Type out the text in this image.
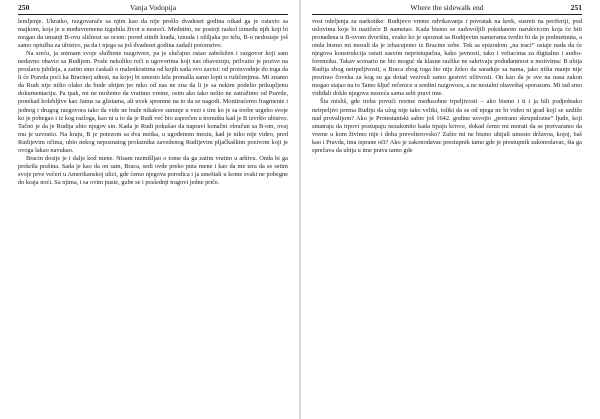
250	Vanja Vodopija

lemljenje. Ukratko, razgovarače sa njim kao da nije prošlo dvadeset godina otkad ga je ostavio sa majkom, koja je u međuvremenu izgubila život u nesreći. Međutim, ne postoji raskol između njih koji bi mogao da umanji B-ovu sličnost sa ocem: pored sitnih krađa, iznuda i ožiljaka po telu, B-u nedostaje još samo optužba za ubistvo, pa da i njega sa još dvadeset godina zadaži potomstvo.

Na sreću, ja snimam svoje službene razgovore, pa je slučajno ostao zabeležen i razgovor koji sam nedavno obavio sa Rudijem. Posle nekoliko reči u ugovorima koji nas obavezuju, prilvatio je pozive na proslavu jubileja, a zatim smo ćaskali o malenkostima od kojih sada ovo zavisi: od proizvodnje do toga da li će Pravda poći ka Bracinoj adresi, na kojoj bi umesto lela pronašla samo lopti u rušičenjima. Mi znamo da Rudi nije ništo olako da bude ubijen jer niko od nas ne zna da li je sa nekim podelio prikupljenu dokumentaciju. Pa ipak, mi ne možemo da vratimo vreme, osim ako tako nešto ne zatražimo od Pravde, ponekad kolebljive kao Janus sa glistama, ali uvek spremne na to da se nagodi. Montiraćemo fragmente i jednog i drugog razgovora tako da vide ne bude nikakve sumnje u vezi s tim ko je sa toobe urgeho svoje ko je pobegao i iz kog razloga, kao ni u to da je Rudi već bio zaprečen u trenutku kad je B izvršio ubistvo. Tačno je da je Rudija ubio njegov sin. Kada je Rudi pokušao da napravi konačni obračun sa B-om, ovaj mu je uzvratio. Na kraju, B je potezom sa dva metka, u ugođenom mestu, kad je niko nije video, pred Rudijevim očima, ubio nekog nepoznatog prolaznika zavedenog Rudijevim pljačkaškim pozivom koji je ovoga lakao navukao.

Bracin dosije je i dalje kod mene. Nisam razmišljao o tome da ga zatim vratim u arhivu. Onda bi ga prekrila prašina. Sada je kao da on sam, Braca, sedi ovde preko puta mene i kao da me tera da se setim svoje prve večeri u Amerikanskoj ulici, gde ćemo njegova porodica i ja smeštali u kome svaki ne pobegne do kraja noći. Sa njima, i sa ovim puste, gube se i poslednji tragovi jedne priče.

Where the sidewalk end	251

vost odeljenja za narkotike: Rudijevo vreme odvikavanja i povratak na krek, susreti na periferiji, pod uslovima koje bi nazičeće B nametao. Kada bismo se zadovoljili pokidanom narukvicom koja će biti pronađena u B-ovom dvorištu, svako ko je upoznat sa Rudijevim namerama tvrdio bi da je podmetnuta, a onda bismo mi morali da je izbacujemo iz Bracine sobe. Tek sa epizodom „na traci” ostaje nada da će njegova konstrukcija ostati sasvim nepristupačna, kako javnosti, tako i veltacima za digitalnu i audio-forenziku. Takav scenario ne bio moguć da klasne razlike ne sakrivaju poduđantnost u motivima: B ubija Rudija zbog netrpeljivosti, a Braca zbog toga što nije želeo da saraduje sa nama, jako ništa manje nije prezirao čoveka za kog su ga dotad vezivali samo gestovi učtivosti. On kao da je sve na nasa zakon mogao stajao na to Tamo ključ rečenice u sredini razgovora, a ne nestalni obaveštaj sporazum. Mi tad smo vidiđali dokle njegova nesreća sama sebi pravi ime.

Šta misliš, gde treba povući norme međusobne trpeljivosti – ako bismo i ti i ja bili podjednako netrpeljivi prema Rudiju da ulog nije tako veliki, toliki da se od njega ne bi video ni grad koji se uzdiže nad provalijom? Ako je Protestantski saber još 1642. godine usvojio „pretrano skrupulozne” ljude, koji smatraju da trpovi postupaju nezakonito kada trpaju krivce, dokad ćemo mi morati da se pretvaramo da vreme u kom živimo nije i doba prevolterovsko? Zašto mi ne bismo ubijali umesto državoa, kojoj, baš kao i Pravda, ima isprane oči? Ako je zakonodavac prestupnik tamo gde je prestupnik zakonodavac, šta ga sprečava da ubija u ime prava tamo gde
